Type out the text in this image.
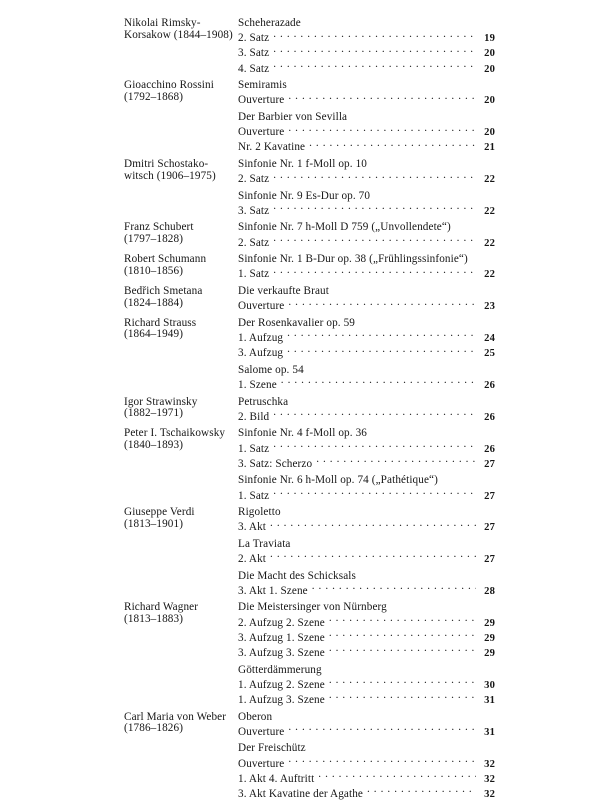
Nikolai Rimsky-
Korsakow (1844–1908)
Scheherazade
2. Satz . . .	19
3. Satz . . .	20
4. Satz . . .	20
Gioacchino Rossini
(1792–1868)
Semiramis
Ouverture . . .	20
Der Barbier von Sevilla
Ouverture . . .	20
Nr. 2 Kavatine . . .	21
Dmitri Schostako-
witsch (1906–1975)
Sinfonie Nr. 1 f-Moll op. 10
2. Satz . . .	22
Sinfonie Nr. 9 Es-Dur op. 70
3. Satz . . .	22
Franz Schubert
(1797–1828)
Sinfonie Nr. 7 h-Moll D 759 („Unvollendete“)
2. Satz . . .	22
Robert Schumann
(1810–1856)
Sinfonie Nr. 1 B-Dur op. 38 („Frühlingssinfonie“)
1. Satz . . .	22
Bedřich Smetana
(1824–1884)
Die verkaufte Braut
Ouverture . . .	23
Richard Strauss
(1864–1949)
Der Rosenkavalier op. 59
1. Aufzug . . .	24
3. Aufzug . . .	25
Salome op. 54
1. Szene . . .	26
Igor Strawinsky
(1882–1971)
Petruschka
2. Bild . . .	26
Peter I. Tschaikowsky
(1840–1893)
Sinfonie Nr. 4 f-Moll op. 36
1. Satz . . .	26
3. Satz: Scherzo . . .	27
Sinfonie Nr. 6 h-Moll op. 74 („Pathétique“)
1. Satz . . .	27
Giuseppe Verdi
(1813–1901)
Rigoletto
3. Akt . . .	27
La Traviata
2. Akt . . .	27
Die Macht des Schicksals
3. Akt 1. Szene . . .	28
Richard Wagner
(1813–1883)
Die Meistersinger von Nürnberg
2. Aufzug 2. Szene . . .	29
3. Aufzug 1. Szene . . .	29
3. Aufzug 3. Szene . . .	29
Götterdämmerung
1. Aufzug 2. Szene . . .	30
1. Aufzug 3. Szene . . .	31
Carl Maria von Weber
(1786–1826)
Oberon
Ouverture . . .	31
Der Freischütz
Ouverture . . .	32
1. Akt 4. Auftritt . . .	32
3. Akt Kavatine der Agathe . . .	32
